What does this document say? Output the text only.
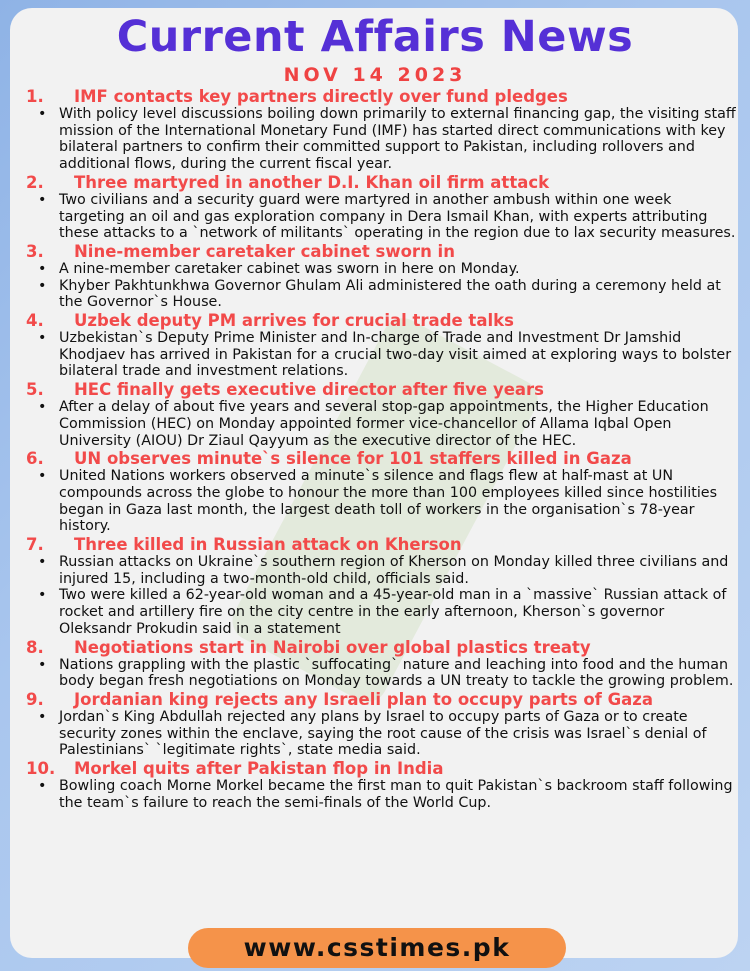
Current Affairs News
NOV 14 2023
1.	IMF contacts key partners directly over fund pledges
• With policy level discussions boiling down primarily to external financing gap, the visiting staff mission of the International Monetary Fund (IMF) has started direct communications with key bilateral partners to confirm their committed support to Pakistan, including rollovers and additional flows, during the current fiscal year.
2.	Three martyred in another D.I. Khan oil firm attack
• Two civilians and a security guard were martyred in another ambush within one week targeting an oil and gas exploration company in Dera Ismail Khan, with experts attributing these attacks to a `network of militants` operating in the region due to lax security measures.
3.	Nine-member caretaker cabinet sworn in
• A nine-member caretaker cabinet was sworn in here on Monday.
• Khyber Pakhtunkhwa Governor Ghulam Ali administered the oath during a ceremony held at the Governor`s House.
4.	Uzbek deputy PM arrives for crucial trade talks
• Uzbekistan`s Deputy Prime Minister and In-charge of Trade and Investment Dr Jamshid Khodjaev has arrived in Pakistan for a crucial two-day visit aimed at exploring ways to bolster bilateral trade and investment relations.
5.	HEC finally gets executive director after five years
• After a delay of about five years and several stop-gap appointments, the Higher Education Commission (HEC) on Monday appointed former vice-chancellor of Allama Iqbal Open University (AIOU) Dr Ziaul Qayyum as the executive director of the HEC.
6.	UN observes minute`s silence for 101 staffers killed in Gaza
• United Nations workers observed a minute`s silence and flags flew at half-mast at UN compounds across the globe to honour the more than 100 employees killed since hostilities began in Gaza last month, the largest death toll of workers in the organisation`s 78-year history.
7.	Three killed in Russian attack on Kherson
• Russian attacks on Ukraine`s southern region of Kherson on Monday killed three civilians and injured 15, including a two-month-old child, officials said.
• Two were killed a 62-year-old woman and a 45-year-old man in a `massive` Russian attack of rocket and artillery fire on the city centre in the early afternoon, Kherson`s governor Oleksandr Prokudin said in a statement
8.	Negotiations start in Nairobi over global plastics treaty
• Nations grappling with the plastic `suffocating` nature and leaching into food and the human body began fresh negotiations on Monday towards a UN treaty to tackle the growing problem.
9.	Jordanian king rejects any Israeli plan to occupy parts of Gaza
• Jordan`s King Abdullah rejected any plans by Israel to occupy parts of Gaza or to create security zones within the enclave, saying the root cause of the crisis was Israel`s denial of Palestinians` `legitimate rights`, state media said.
10.	Morkel quits after Pakistan flop in India
• Bowling coach Morne Morkel became the first man to quit Pakistan`s backroom staff following the team`s failure to reach the semi-finals of the World Cup.
www.csstimes.pk
